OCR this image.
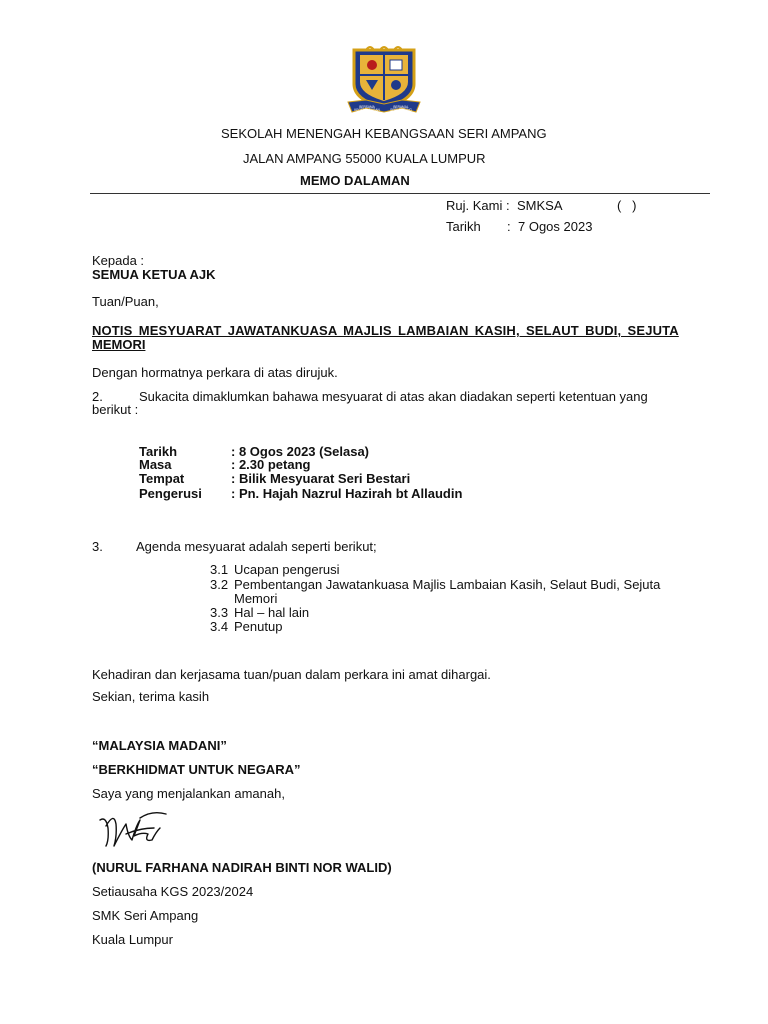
BERSAMA
KEGEMILANGAN
BERAMAL
SERI AMPANG
SEKOLAH MENENGAH KEBANGSAAN SERI AMPANG
JALAN AMPANG 55000 KUALA LUMPUR
MEMO DALAMAN
Ruj. Kami : SMKSA	(   )
Tarikh : 7 Ogos 2023
Kepada :
SEMUA KETUA AJK
Tuan/Puan,
NOTIS MESYUARAT JAWATANKUASA MAJLIS LAMBAIAN KASIH, SELAUT BUDI, SEJUTA
MEMORI
Dengan hormatnya perkara di atas dirujuk.
2.	Sukacita dimaklumkan bahawa mesyuarat di atas akan diadakan seperti ketentuan yang
berikut :
Tarikh	: 8 Ogos 2023 (Selasa)
Masa	: 2.30 petang
Tempat	: Bilik Mesyuarat Seri Bestari
Pengerusi : Pn. Hajah Nazrul Hazirah bt Allaudin
3.	Agenda mesyuarat adalah seperti berikut;
3.1 Ucapan pengerusi
3.2 Pembentangan Jawatankuasa Majlis Lambaian Kasih, Selaut Budi, Sejuta
Memori
3.3 Hal – hal lain
3.4 Penutup
Kehadiran dan kerjasama tuan/puan dalam perkara ini amat dihargai.
Sekian, terima kasih
“MALAYSIA MADANI”
“BERKHIDMAT UNTUK NEGARA”
Saya yang menjalankan amanah,
(NURUL FARHANA NADIRAH BINTI NOR WALID)
Setiausaha KGS 2023/2024
SMK Seri Ampang
Kuala Lumpur
